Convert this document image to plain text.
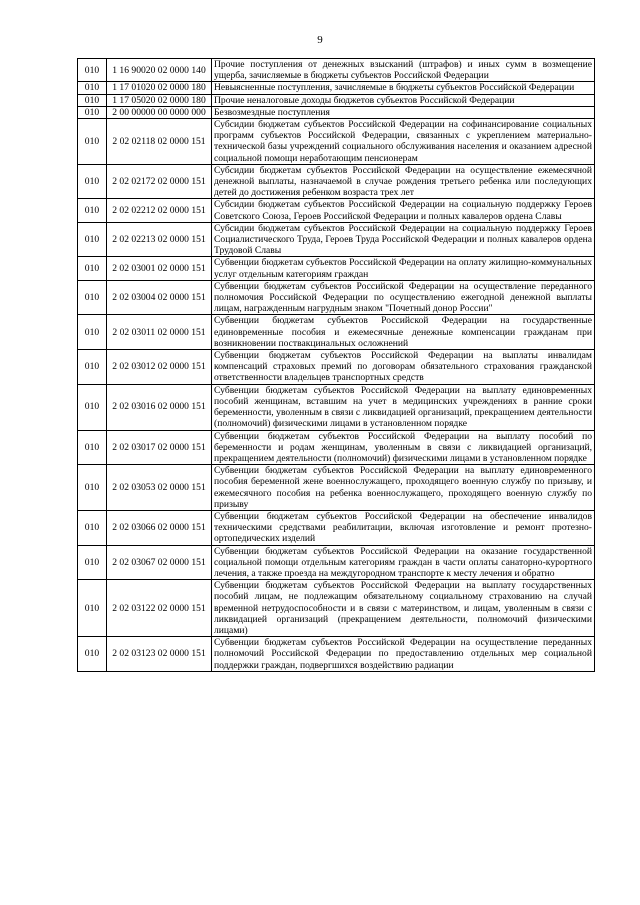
9
010	1 16 90020 02 0000 140	Прочие поступления от денежных взысканий (штрафов) и иных сумм в возмещение ущерба, зачисляемые в бюджеты субъектов Российской Федерации
010	1 17 01020 02 0000 180	Невыясненные поступления, зачисляемые в бюджеты субъектов Российской Федерации
010	1 17 05020 02 0000 180	Прочие неналоговые доходы бюджетов субъектов Российской Федерации
010	2 00 00000 00 0000 000	Безвозмездные поступления
010	2 02 02118 02 0000 151	Субсидии бюджетам субъектов Российской Федерации на софинансирование социальных программ субъектов Российской Федерации, связанных с укреплением материально-технической базы учреждений социального обслуживания населения и оказанием адресной социальной помощи неработающим пенсионерам
010	2 02 02172 02 0000 151	Субсидии бюджетам субъектов Российской Федерации на осуществление ежемесячной денежной выплаты, назначаемой в случае рождения третьего ребенка или последующих детей до достижения ребенком возраста трех лет
010	2 02 02212 02 0000 151	Субсидии бюджетам субъектов Российской Федерации на социальную поддержку Героев Советского Союза, Героев Российской Федерации и полных кавалеров ордена Славы
010	2 02 02213 02 0000 151	Субсидии бюджетам субъектов Российской Федерации на социальную поддержку Героев Социалистического Труда, Героев Труда Российской Федерации и полных кавалеров ордена Трудовой Славы
010	2 02 03001 02 0000 151	Субвенции бюджетам субъектов Российской Федерации на оплату жилищно-коммунальных услуг отдельным категориям граждан
010	2 02 03004 02 0000 151	Субвенции бюджетам субъектов Российской Федерации на осуществление переданного полномочия Российской Федерации по осуществлению ежегодной денежной выплаты лицам, награжденным нагрудным знаком "Почетный донор России"
010	2 02 03011 02 0000 151	Субвенции бюджетам субъектов Российской Федерации на государственные единовременные пособия и ежемесячные денежные компенсации гражданам при возникновении поствакцинальных осложнений
010	2 02 03012 02 0000 151	Субвенции бюджетам субъектов Российской Федерации на выплаты инвалидам компенсаций страховых премий по договорам обязательного страхования гражданской ответственности владельцев транспортных средств
010	2 02 03016 02 0000 151	Субвенции бюджетам субъектов Российской Федерации на выплату единовременных пособий женщинам, вставшим на учет в медицинских учреждениях в ранние сроки беременности, уволенным в связи с ликвидацией организаций, прекращением деятельности (полномочий) физическими лицами в установленном порядке
010	2 02 03017 02 0000 151	Субвенции бюджетам субъектов Российской Федерации на выплату пособий по беременности и родам женщинам, уволенным в связи с ликвидацией организаций, прекращением деятельности (полномочий) физическими лицами в установленном порядке
010	2 02 03053 02 0000 151	Субвенции бюджетам субъектов Российской Федерации на выплату единовременного пособия беременной жене военнослужащего, проходящего военную службу по призыву, и ежемесячного пособия на ребенка военнослужащего, проходящего военную службу по призыву
010	2 02 03066 02 0000 151	Субвенции бюджетам субъектов Российской Федерации на обеспечение инвалидов техническими средствами реабилитации, включая изготовление и ремонт протезно-ортопедических изделий
010	2 02 03067 02 0000 151	Субвенции бюджетам субъектов Российской Федерации на оказание государственной социальной помощи отдельным категориям граждан в части оплаты санаторно-курортного лечения, а также проезда на междугородном транспорте к месту лечения и обратно
010	2 02 03122 02 0000 151	Субвенции бюджетам субъектов Российской Федерации на выплату государственных пособий лицам, не подлежащим обязательному социальному страхованию на случай временной нетрудоспособности и в связи с материнством, и лицам, уволенным в связи с ликвидацией организаций (прекращением деятельности, полномочий физическими лицами)
010	2 02 03123 02 0000 151	Субвенции бюджетам субъектов Российской Федерации на осуществление переданных полномочий Российской Федерации по предоставлению отдельных мер социальной поддержки граждан, подвергшихся воздействию радиации
